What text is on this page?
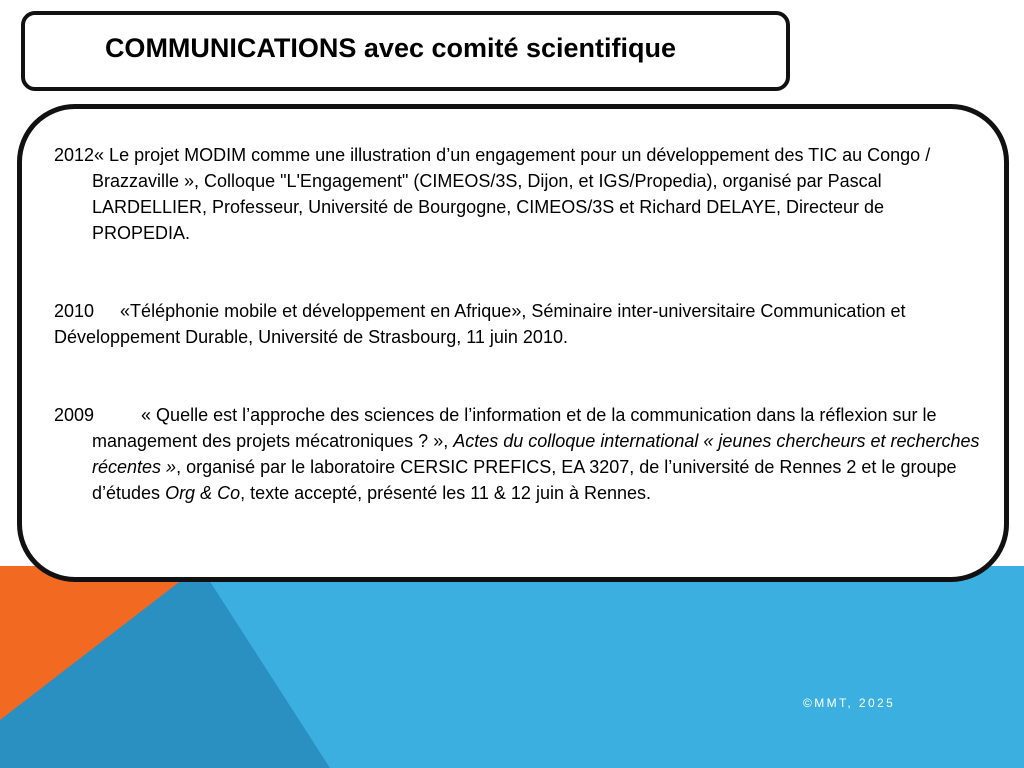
COMMUNICATIONS avec comité scientifique

2012« Le projet MODIM comme une illustration d’un engagement pour un développement des TIC au Congo / Brazzaville », Colloque "L'Engagement" (CIMEOS/3S, Dijon, et IGS/Propedia), organisé par Pascal LARDELLIER, Professeur, Université de Bourgogne, CIMEOS/3S et Richard DELAYE, Directeur de PROPEDIA.

2010 «Téléphonie mobile et développement en Afrique», Séminaire inter-universitaire Communication et Développement Durable, Université de Strasbourg, 11 juin 2010.

2009	« Quelle est l’approche des sciences de l’information et de la communication dans la réflexion sur le management des projets mécatroniques ? », Actes du colloque international « jeunes chercheurs et recherches récentes », organisé par le laboratoire CERSIC PREFICS, EA 3207, de l’université de Rennes 2 et le groupe d’études Org & Co, texte accepté, présenté les 11 & 12 juin à Rennes.

©MMT, 2025
